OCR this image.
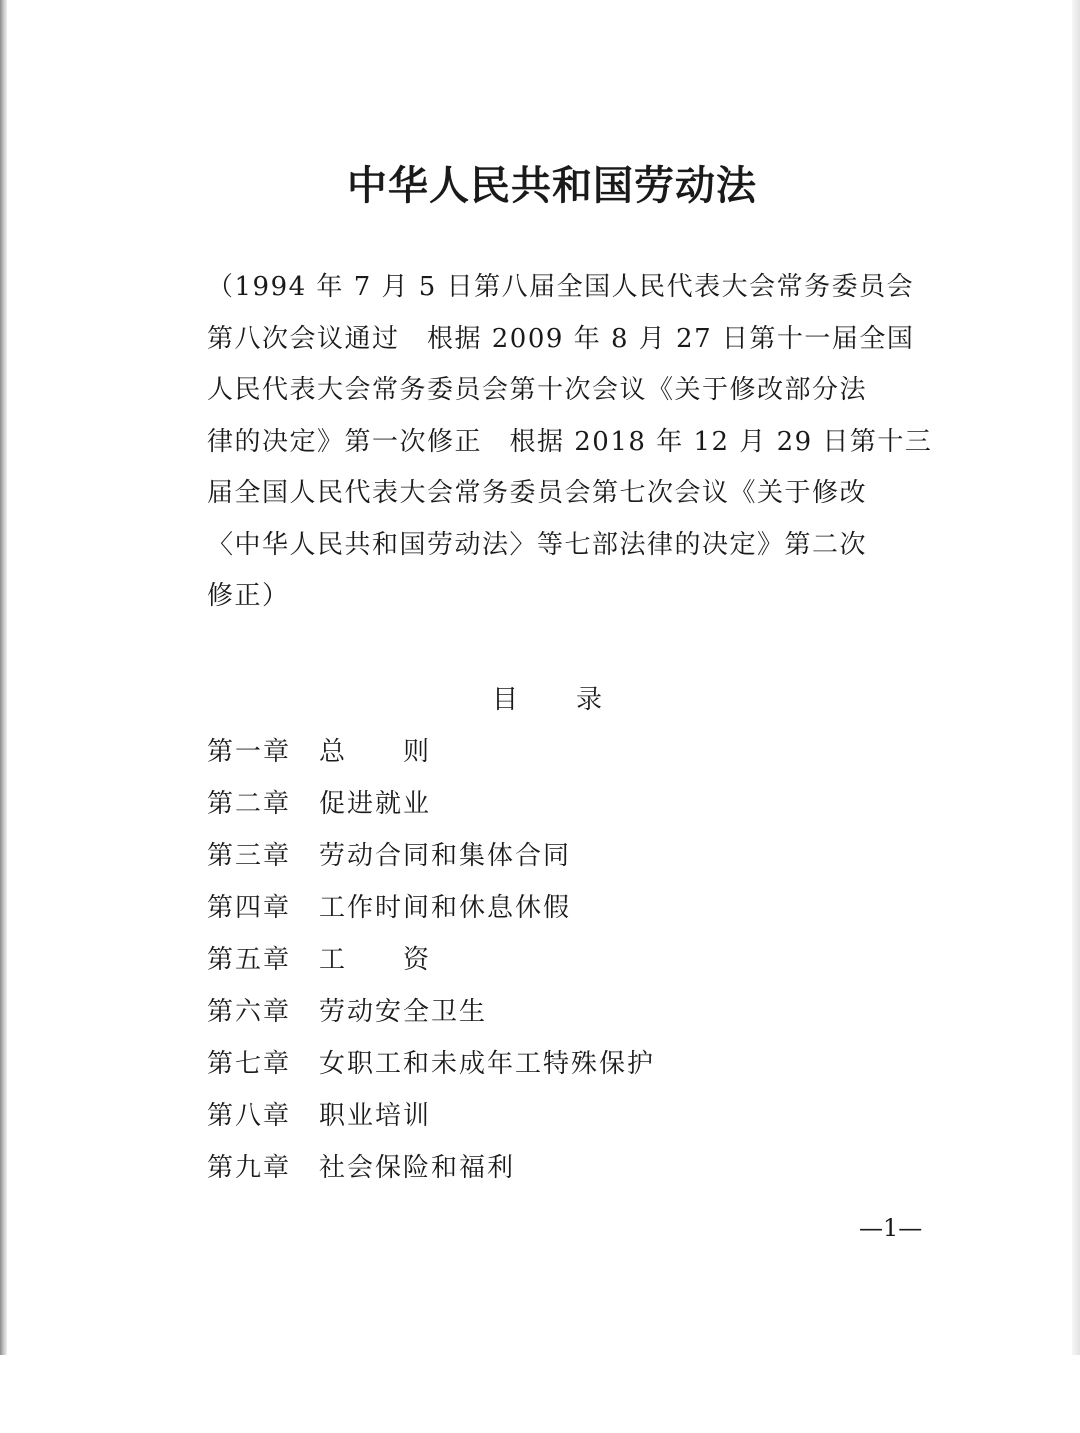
中华人民共和国劳动法
（1994 年 7 月 5 日第八届全国人民代表大会常务委员会
第八次会议通过　根据 2009 年 8 月 27 日第十一届全国
人民代表大会常务委员会第十次会议《关于修改部分法
律的决定》第一次修正　根据 2018 年 12 月 29 日第十三
届全国人民代表大会常务委员会第七次会议《关于修改
〈中华人民共和国劳动法〉等七部法律的决定》第二次
修正）
目　　录
第一章 总　　则
第二章 促进就业
第三章 劳动合同和集体合同
第四章 工作时间和休息休假
第五章 工　　资
第六章 劳动安全卫生
第七章 女职工和未成年工特殊保护
第八章 职业培训
第九章 社会保险和福利
—1—
